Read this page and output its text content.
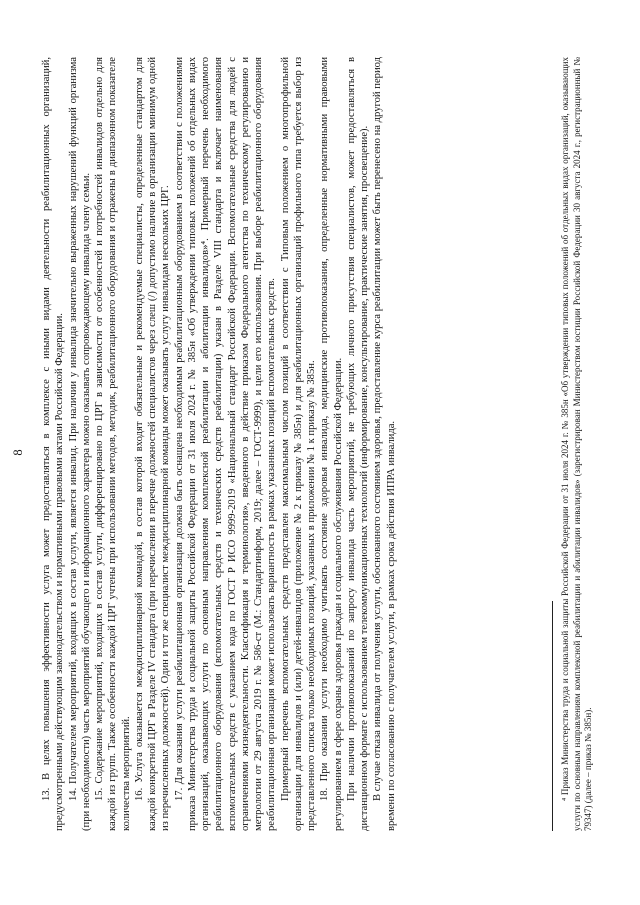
8 13. В целях повышения эффективности услуга может предоставляться в комплексе с иными видами деятельности реабилитационных организаций, предусмотренными действующим законодательством и нормативными правовыми актами Российской Федерации. 14. Получателем мероприятий, входящих в состав услуги, является инвалид. При наличии у инвалида значительно выраженных нарушений функций организма (при необходимости) часть мероприятий обучающего и информационного характера можно оказывать сопровождающему инвалида члену семьи. 15. Содержание мероприятий, входящих в состав услуги, дифференцировано по ЦРГ в зависимости от особенностей и потребностей инвалидов отдельно для каждой из групп. Также особенности каждой ЦРГ учтены при использовании методов, методик, реабилитационного оборудования и отражены в диапазонном показателе количества мероприятий. 16. Услуга оказывается междисциплинарной командой, в состав которой входят обязательные и рекомендуемые специалисты, определенные стандартом для каждой конкретной ЦРГ в Разделе IV стандарта (при перечислении в перечне должностей специалистов через слеш (/) допустимо наличие в организации минимум одной из перечисленных должностей). Один и тот же специалист междисциплинарной команды может оказывать услугу инвалидам нескольких ЦРГ. 17. Для оказания услуги реабилитационная организация должна быть оснащена необходимым реабилитационным оборудованием в соответствии с положениями приказа Министерства труда и социальной защиты Российской Федерации от 31 июля 2024 г. № 385н «Об утверждении типовых положений об отдельных видах организаций, оказывающих услуги по основным направлениям комплексной реабилитации и абилитации инвалидов»⁴. Примерный перечень необходимого реабилитационного оборудования (вспомогательных средств и технических средств реабилитации) указан в Разделе VIII стандарта и включает наименования вспомогательных средств с указанием кода по ГОСТ Р ИСО 9999-2019 «Национальный стандарт Российской Федерации. Вспомогательные средства для людей с ограничениями жизнедеятельности. Классификация и терминология», введенного в действие приказом Федерального агентства по техническому регулированию и метрологии от 29 августа 2019 г. № 586-ст (М.: Стандартинформ, 2019; далее – ГОСТ-9999), и цели его использования. При выборе реабилитационного оборудования реабилитационная организация может использовать вариантность в рамках указанных позиций вспомогательных средств. Примерный перечень вспомогательных средств представлен максимальным числом позиций в соответствии с Типовым положением о многопрофильной организации для инвалидов и (или) детей-инвалидов (приложение № 2 к приказу № 385н) и для реабилитационных организаций профильного типа требуется выбор из представленного списка только необходимых позиций, указанных в приложении № 1 к приказу № 385н. 18. При оказании услуги необходимо учитывать состояние здоровья инвалида, медицинские противопоказания, определенные нормативными правовыми регулированием в сфере охраны здоровья граждан и социального обслуживания Российской Федерации. При наличии противопоказаний по запросу инвалида часть мероприятий, не требующих личного присутствия специалистов, может предоставляться в дистанционном формате с использованием телекоммуникационных технологий (информирование, консультирование, практические занятия, просвещение). В случае отказа инвалида от получения услуги, обоснованного состоянием здоровья, предоставление курса реабилитации может быть перенесено на другой период времени по согласованию с получателем услуги, в рамках срока действия ИПРА инвалида.	⁴ Приказ Министерства труда и социальной защиты Российской Федерации от 31 июля 2024 г. № 385н «Об утверждении типовых положений об отдельных видах организаций, оказывающих услуги по основным направлениям комплексной реабилитации и абилитации инвалидов» (зарегистрирован Министерством юстиции Российской Федерации 30 августа 2024 г., регистрационный № 79347) (далее – приказ № 385н).
